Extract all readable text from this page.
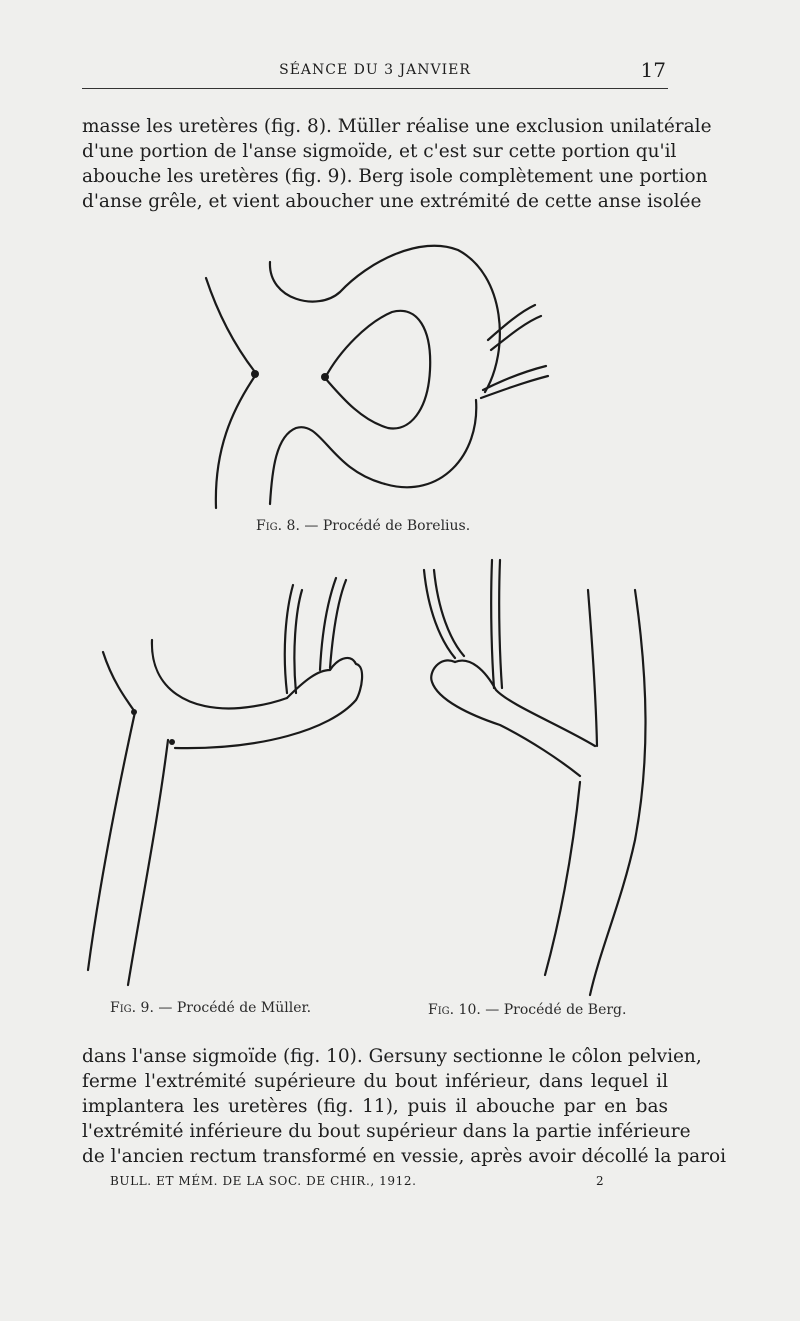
SÉANCE DU 3 JANVIER	17

masse les uretères (fig. 8). Müller réalise une exclusion unilatérale
d'une portion de l'anse sigmoïde, et c'est sur cette portion qu'il
abouche les uretères (fig. 9). Berg isole complètement une portion
d'anse grêle, et vient aboucher une extrémité de cette anse isolée

Fig. 8. — Procédé de Borelius.
Fig. 9. — Procédé de Müller.	Fig. 10. — Procédé de Berg.

dans l'anse sigmoïde (fig. 10). Gersuny sectionne le côlon pelvien,
ferme l'extrémité supérieure du bout inférieur, dans lequel il
implantera les uretères (fig. 11), puis il abouche par en bas
l'extrémité inférieure du bout supérieur dans la partie inférieure
de l'ancien rectum transformé en vessie, après avoir décollé la paroi

BULL. ET MÉM. DE LA SOC. DE CHIR., 1912.	2
